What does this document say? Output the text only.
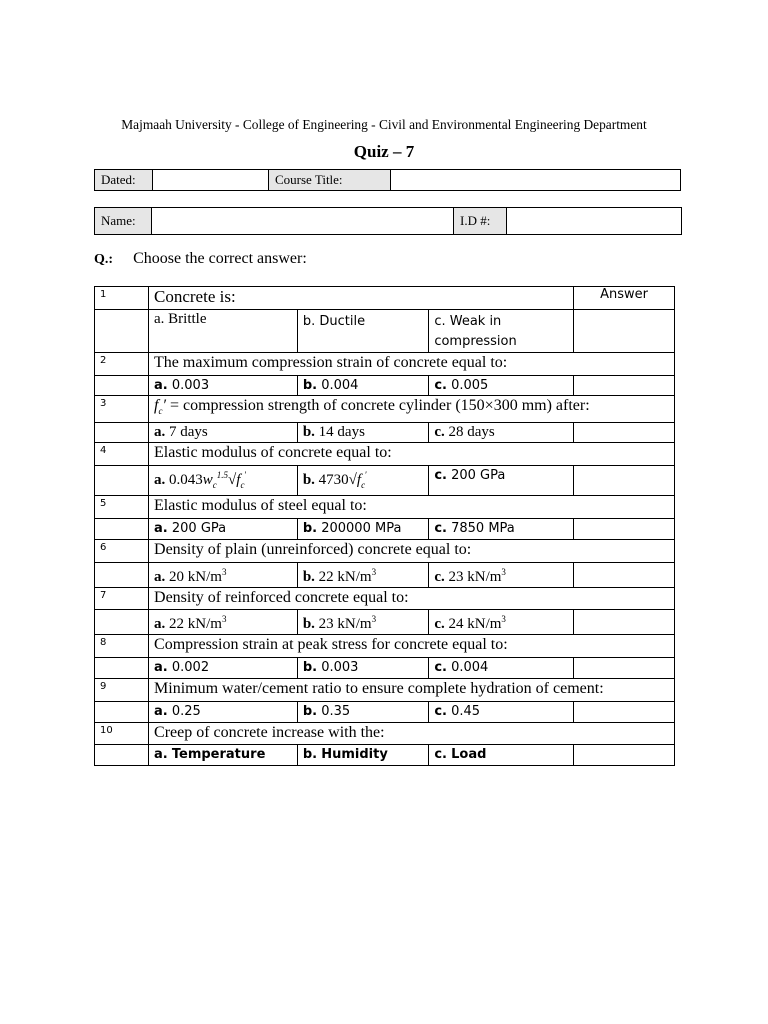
Majmaah University - College of Engineering - Civil and Environmental Engineering Department
Quiz – 7
Dated:		Course Title:	
Name:		I.D #:	
Q.: Choose the correct answer:
1	Concrete is:			Answer
	a. Brittle	b. Ductile	c. Weak in compression	
2	The maximum compression strain of concrete equal to:			
	a. 0.003	b. 0.004	c. 0.005	
3	$f_c'$ = compression strength of concrete cylinder (150×300 mm) after:			
	a. 7 days	b. 14 days	c. 28 days	
4	Elastic modulus of concrete equal to:			
	a. $0.043w_c^{1.5}√f_c'$	b. $4730√f_c'$	c. 200 GPa	
5	Elastic modulus of steel equal to:			
	a. 200 GPa	b. 200000 MPa	c. 7850 MPa	
6	Density of plain (unreinforced) concrete equal to:			
	a. 20 $kN/m^3$	b. 22 $kN/m^3$	c. 23 $kN/m^3$	
7	Density of reinforced concrete equal to:			
	a. 22 $kN/m^3$	b. 23 $kN/m^3$	c. 24 $kN/m^3$	
8	Compression strain at peak stress for concrete equal to:			
	a. 0.002	b. 0.003	c. 0.004	
9	Minimum water/cement ratio to ensure complete hydration of cement:			
	a. 0.25	b. 0.35	c. 0.45	
10	Creep of concrete increase with the:			
	a. Temperature	b. Humidity	c. Load	
